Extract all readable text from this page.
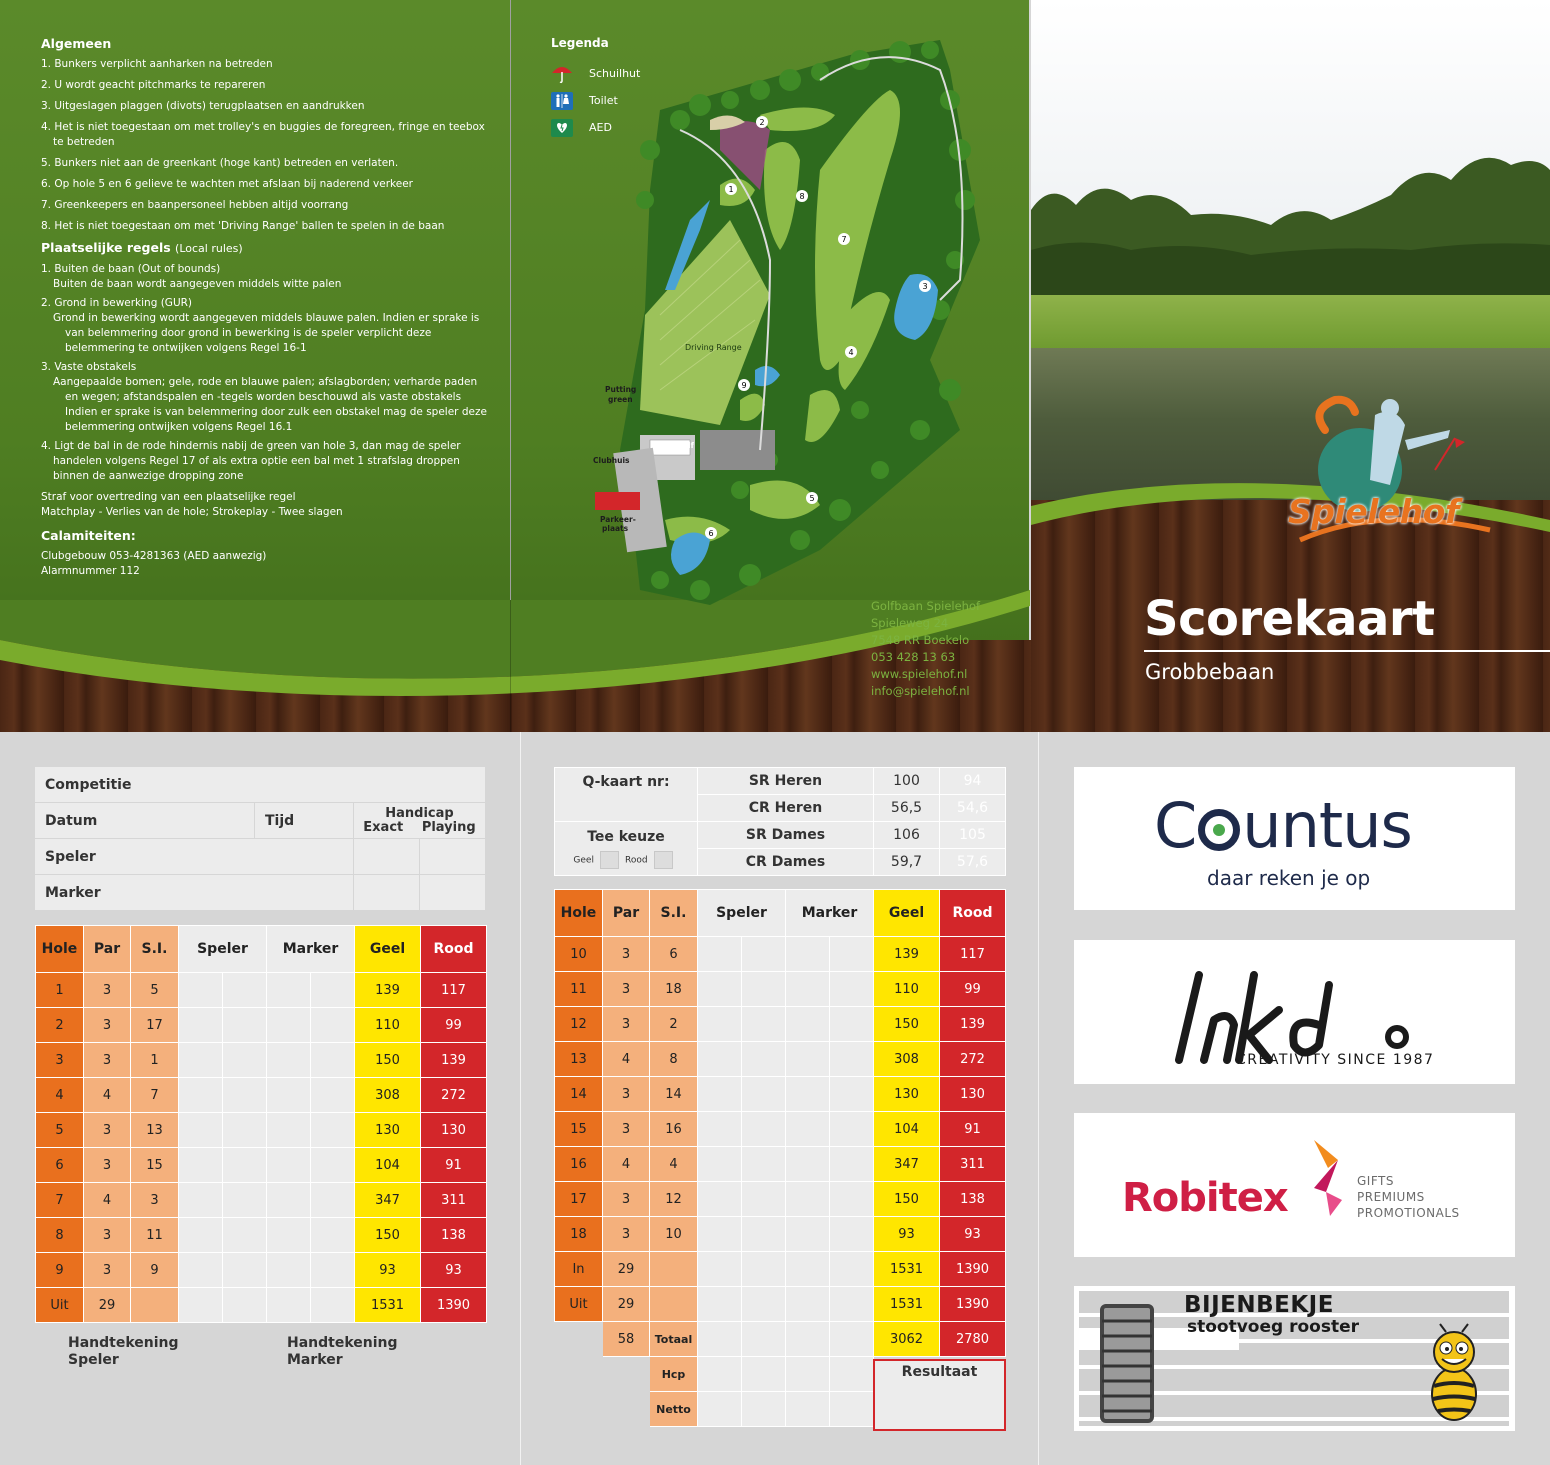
Algemeen
1. Bunkers verplicht aanharken na betreden
2. U wordt geacht pitchmarks te repareren
3. Uitgeslagen plaggen (divots) terugplaatsen en aandrukken
4. Het is niet toegestaan om met trolley's en buggies de foregreen, fringe en teebox te betreden
5. Bunkers niet aan de greenkant (hoge kant) betreden en verlaten.
6. Op hole 5 en 6 gelieve te wachten met afslaan bij naderend verkeer
7. Greenkeepers en baanpersoneel hebben altijd voorrang
8. Het is niet toegestaan om met 'Driving Range' ballen te spelen in de baan
Plaatselijke regels (Local rules)
1. Buiten de baan (Out of bounds)
Buiten de baan wordt aangegeven middels witte palen
2. Grond in bewerking (GUR)
Grond in bewerking wordt aangegeven middels blauwe palen. Indien er sprake is van belemmering door grond in bewerking is de speler verplicht deze belemmering te ontwijken volgens Regel 16-1
3. Vaste obstakels
Aangepaalde bomen; gele, rode en blauwe palen; afslagborden; verharde paden en wegen; afstandspalen en -tegels worden beschouwd als vaste obstakels Indien er sprake is van belemmering door zulk een obstakel mag de speler deze belemmering ontwijken volgens Regel 16.1
4. Ligt de bal in de rode hindernis nabij de green van hole 3, dan mag de speler handelen volgens Regel 17 of als extra optie een bal met 1 strafslag droppen binnen de aanwezige dropping zone
Straf voor overtreding van een plaatselijke regel
Matchplay - Verlies van de hole; Strokeplay - Twee slagen
Calamiteiten:
Clubgebouw 053-4281363 (AED aanwezig)
Alarmnummer 112
Legenda
Schuilhut
Toilet
AED
Driving Range
Putting
green
Indoorgolf
Clubhuis
Parkeer-
plaats
1
2
3
4
5
6
7
8
9
Golfbaan Spielehof
Spieleweg 24
7548 RR Boekelo
053 428 13 63
www.spielehof.nl
info@spielehof.nl
Spielehof
Scorekaart
Grobbebaan
Competitie			
Datum	Tijd	Handicap
Exact Playing	

Speler			
Marker			
Hole	Par	S.I.	Speler		Marker		Geel	Rood
1	3	5					139	117
2	3	17					110	99
3	3	1					150	139
4	4	7					308	272
5	3	13					130	130
6	3	15					104	91
7	4	3					347	311
8	3	11					150	138
9	3	9					93	93
Uit	29						1531	1390
Handtekening
Speler
Handtekening
Marker
Q-kaart nr:	SR Heren	100	94
	CR Heren	56,5	54,6

Tee keuze
Geel Rood	SR Dames	106	105
	CR Dames	59,7	57,6
Hole	Par	S.I.	Speler		Marker		Geel	Rood
10	3	6					139	117
11	3	18					110	99
12	3	2					150	139
13	4	8					308	272
14	3	14					130	130
15	3	16					104	91
16	4	4					347	311
17	3	12					150	138
18	3	10					93	93
In	29						1531	1390
Uit	29						1531	1390
	58	Totaal					3062	2780
		Hcp						
		Netto						
Resultaat
C untus
daar reken je op
CREATIVITY SINCE 1987
Robitex	GIFTS
PREMIUMS
PROMOTIONALS
BIJENBEKJE
stootvoeg rooster
